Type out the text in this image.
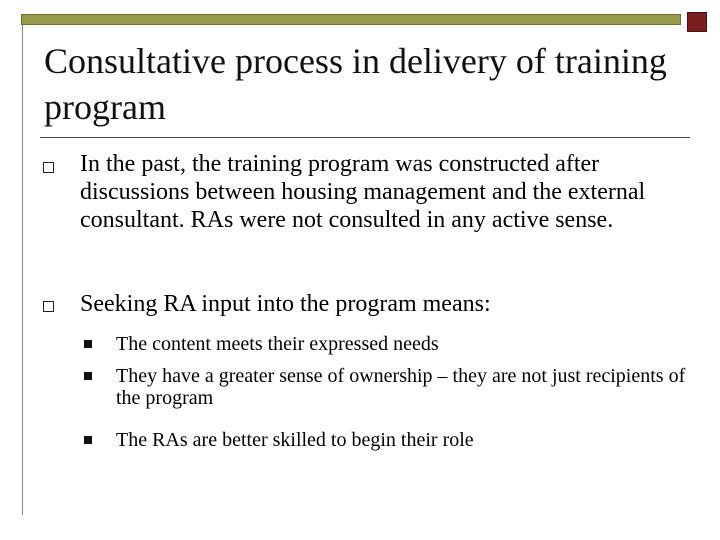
Consultative process in delivery of training program
In the past, the training program was constructed after discussions between housing management and the external consultant. RAs were not consulted in any active sense.
Seeking RA input into the program means:
The content meets their expressed needs
They have a greater sense of ownership – they are not just recipients of the program
The RAs are better skilled to begin their role
